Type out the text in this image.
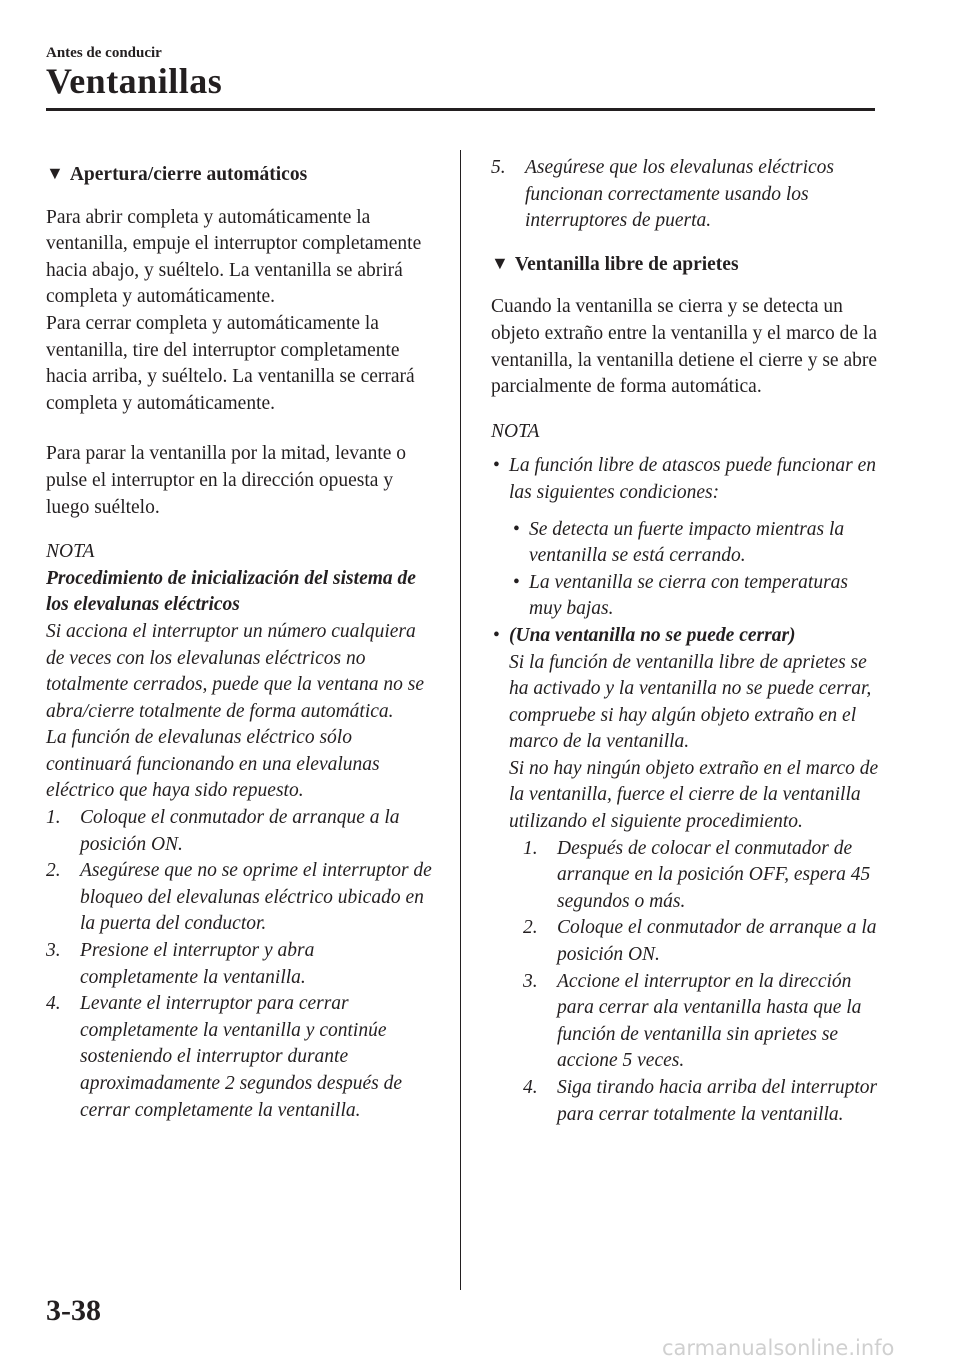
Antes de conducir
Ventanillas
▼ Apertura/cierre automáticos

Para abrir completa y automáticamente la ventanilla, empuje el interruptor completamente hacia abajo, y suéltelo. La ventanilla se abrirá completa y automáticamente.

Para cerrar completa y automáticamente la ventanilla, tire del interruptor completamente hacia arriba, y suéltelo. La ventanilla se cerrará completa y automáticamente.

Para parar la ventanilla por la mitad, levante o pulse el interruptor en la dirección opuesta y luego suéltelo.

NOTA

Procedimiento de inicialización del sistema de los elevalunas eléctricos

Si acciona el interruptor un número cualquiera de veces con los elevalunas eléctricos no totalmente cerrados, puede que la ventana no se abra/cierre totalmente de forma automática.

La función de elevalunas eléctrico sólo continuará funcionando en una elevalunas eléctrico que haya sido repuesto.

1. Coloque el conmutador de arranque a la posición ON.
2. Asegúrese que no se oprime el interruptor de bloqueo del elevalunas eléctrico ubicado en la puerta del conductor.
3. Presione el interruptor y abra completamente la ventanilla.
4. Levante el interruptor para cerrar completamente la ventanilla y continúe sosteniendo el interruptor durante aproximadamente 2 segundos después de cerrar completamente la ventanilla.
5. Asegúrese que los elevalunas eléctricos funcionan correctamente usando los interruptores de puerta.
▼ Ventanilla libre de aprietes

Cuando la ventanilla se cierra y se detecta un objeto extraño entre la ventanilla y el marco de la ventanilla, la ventanilla detiene el cierre y se abre parcialmente de forma automática.

NOTA

• La función libre de atascos puede funcionar en las siguientes condiciones:
• Se detecta un fuerte impacto mientras la ventanilla se está cerrando.
• La ventanilla se cierra con temperaturas muy bajas.
• (Una ventanilla no se puede cerrar)

Si la función de ventanilla libre de aprietes se ha activado y la ventanilla no se puede cerrar, compruebe si hay algún objeto extraño en el marco de la ventanilla.

Si no hay ningún objeto extraño en el marco de la ventanilla, fuerce el cierre de la ventanilla utilizando el siguiente procedimiento.

1. Después de colocar el conmutador de arranque en la posición OFF, espera 45 segundos o más.
2. Coloque el conmutador de arranque a la posición ON.
3. Accione el interruptor en la dirección para cerrar ala ventanilla hasta que la función de ventanilla sin aprietes se accione 5 veces.
4. Siga tirando hacia arriba del interruptor para cerrar totalmente la ventanilla.
3-38
carmanualsonline.info
